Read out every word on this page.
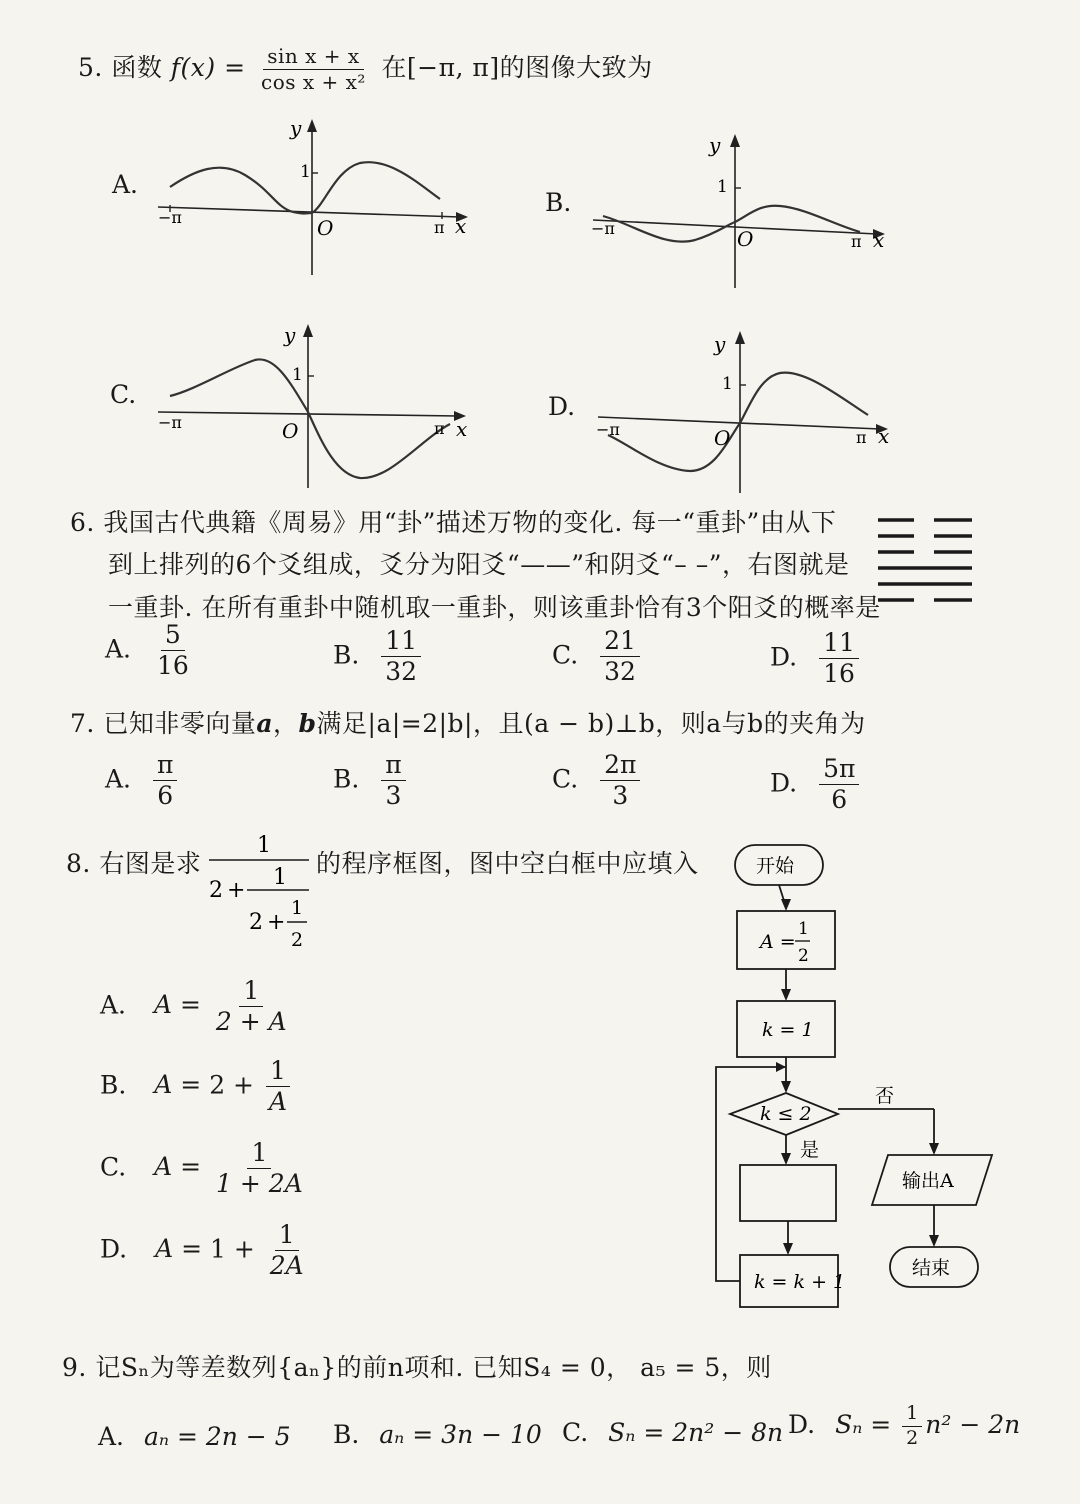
5. 函数 $f(x) = \frac{\text{sin x + x}}{\text{cos x + x²}}$ 在[−π, π]的图像大致为
A.
B.
C.	D.
y
1
O
−π
π x
y
1
O
−π
π x
y
1
O
−π	π x
y
1
O
−π	π x
6. 我国古代典籍《周易》用“卦”描述万物的变化. 每一“重卦”由从下
到上排列的6个爻组成，爻分为阳爻“——”和阴爻“– –”，右图就是
一重卦. 在所有重卦中随机取一重卦，则该重卦恰有3个阳爻的概率是
A. $\frac{5}{16}$	B. $\frac{11}{32}$	C. $\frac{21}{32}$	D. $\frac{11}{16}$
7. 已知非零向量a，b满足|a|=2|b|，且(a − b)⊥b，则a与b的夹角为
A. $\frac{\pi}{6}$	B. $\frac{\pi}{3}$	C. $\frac{2\pi}{3}$	D. $\frac{5\pi}{6}$
8. 右图是求
1
2 +
1
2 +
1
2
的程序框图，图中空白框中应填入
A. $A = \frac{1}{2 + A}$
B. $A = 2 + \frac{1}{A}$
C. $A = \frac{1}{1 + 2A}$
D. $A = 1 + \frac{1}{2A}$
开始
A =
1
2
k = 1
k ≤ 2
否
是
输出A
k = k + 1
结束
9. 记Sₙ为等差数列{aₙ}的前n项和. 已知S₄ = 0， a₅ = 5，则
A. aₙ = 2n − 5 B. aₙ = 3n − 10 C. Sₙ = 2n² − 8n D. $S_n = \frac{1}{2} n^2 - 2n$
